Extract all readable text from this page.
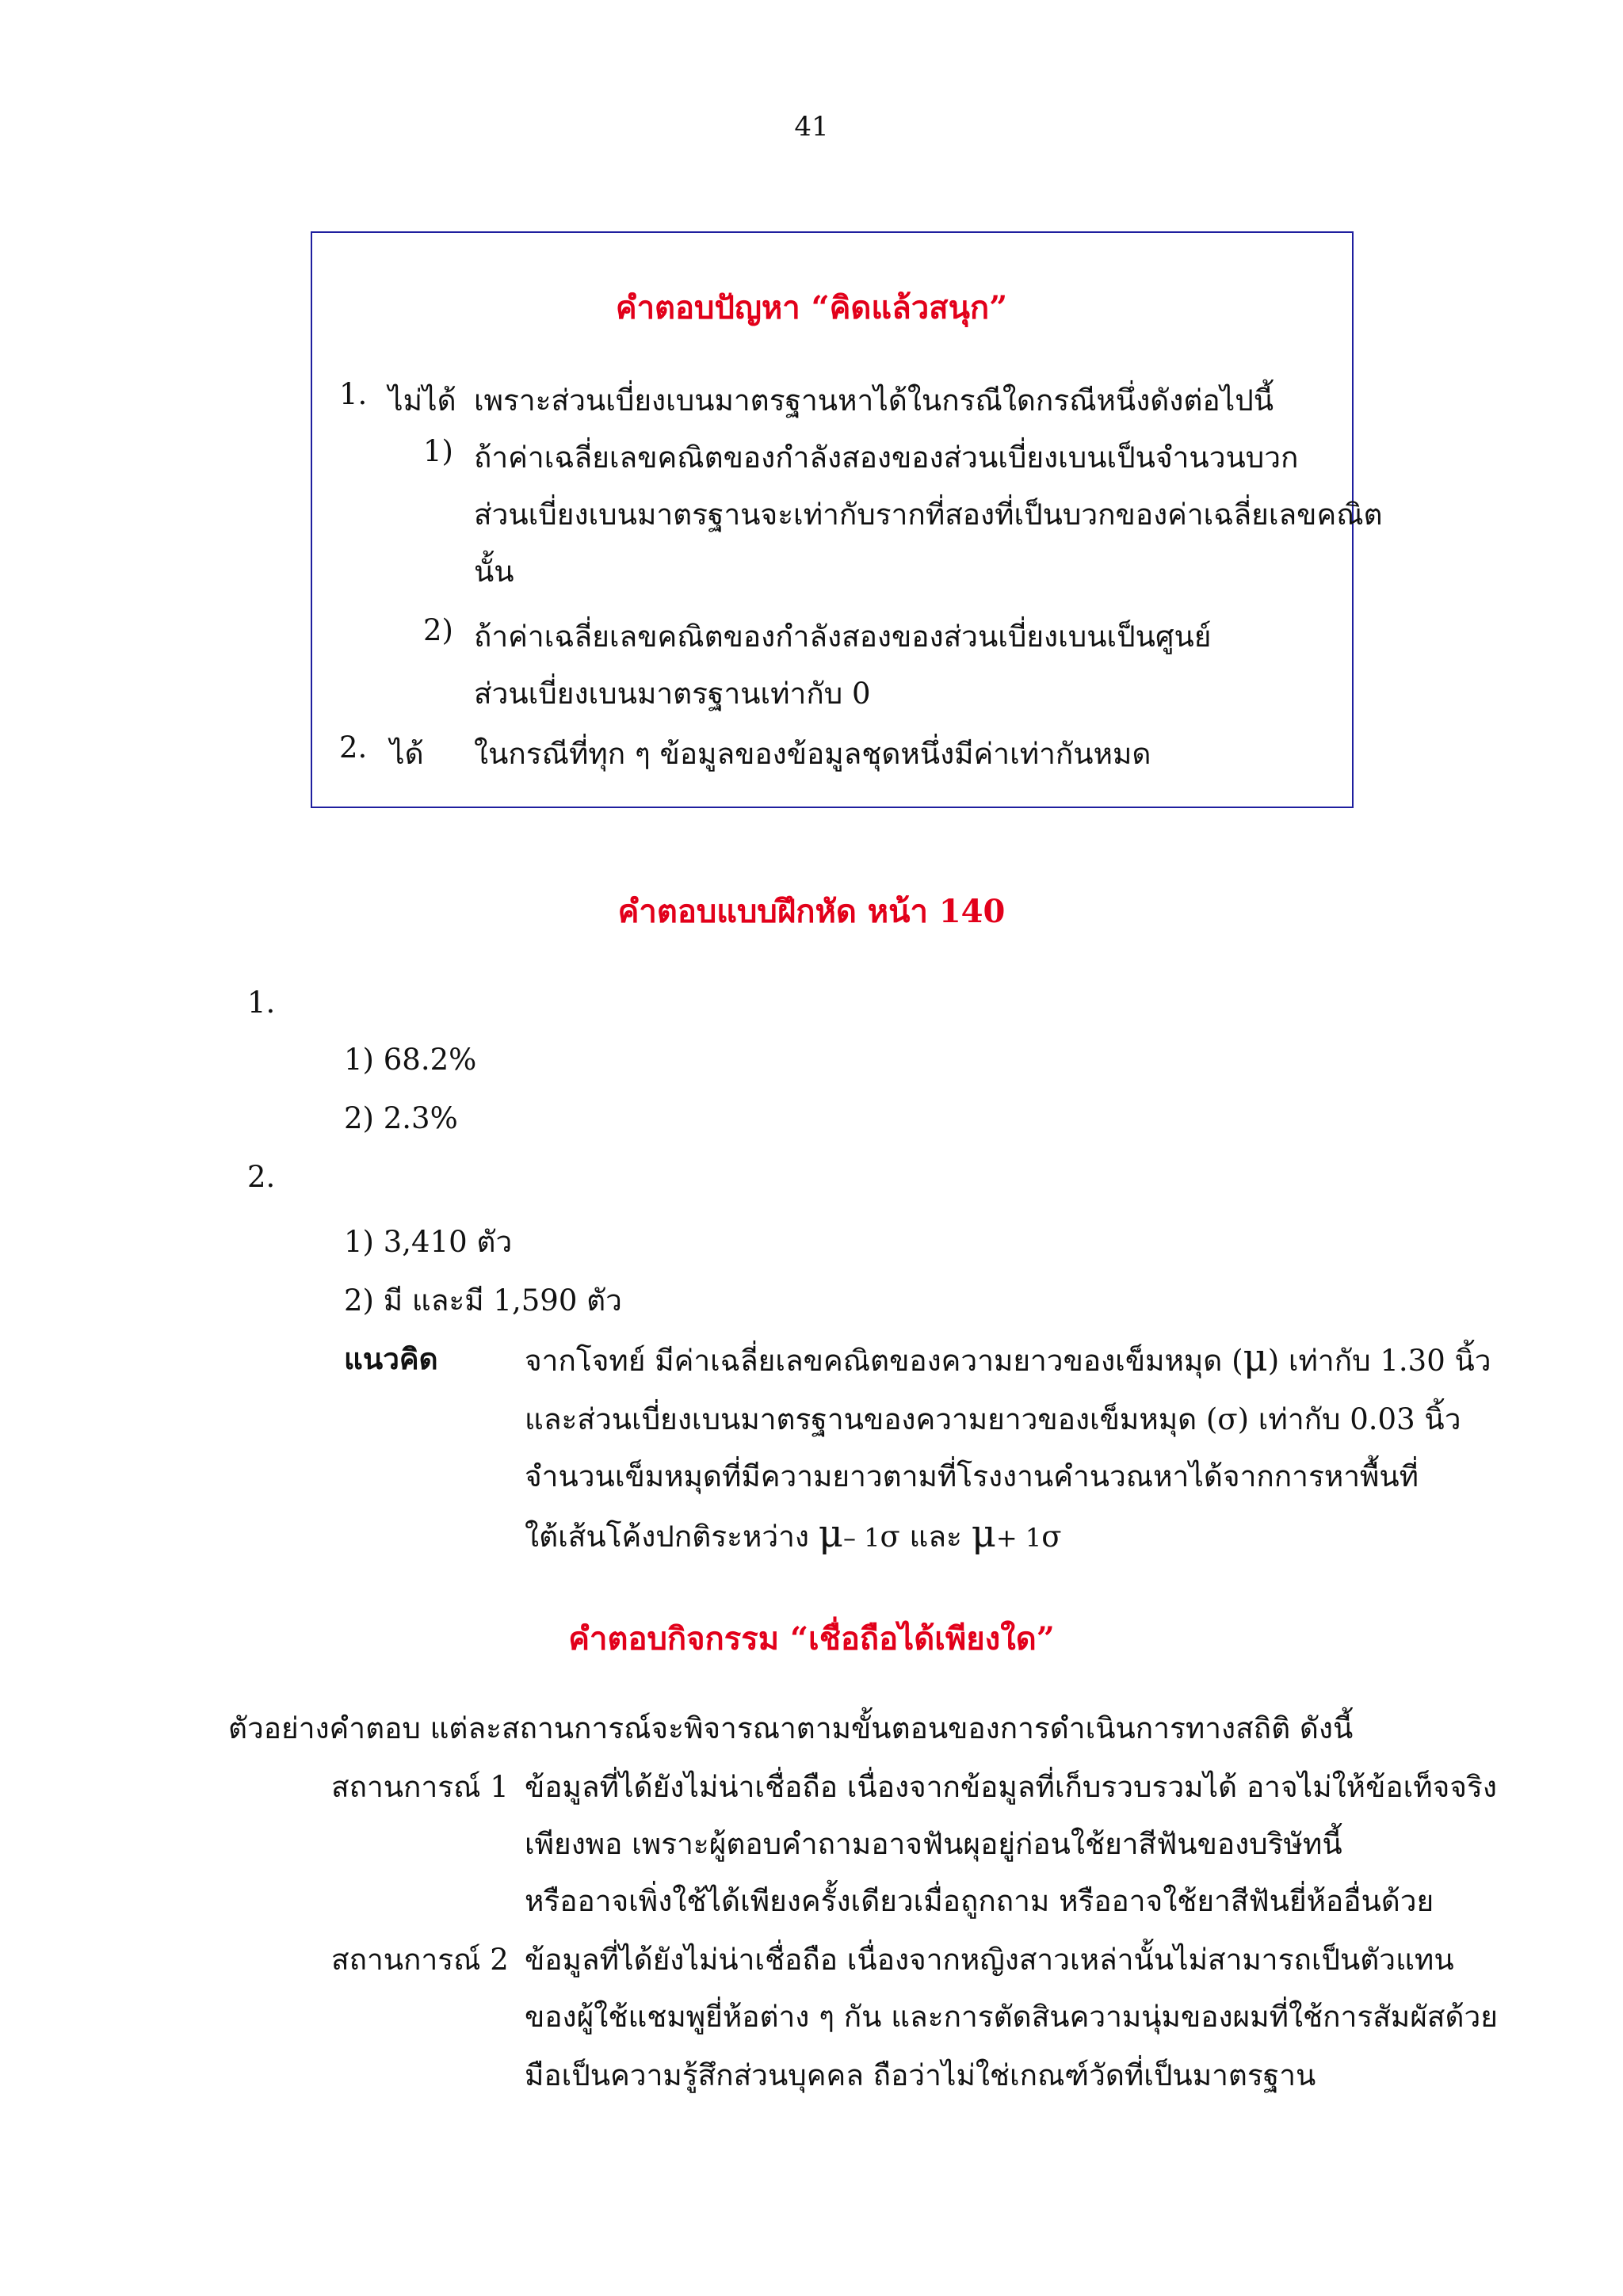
41
คำตอบปัญหา “คิดแล้วสนุก”
1. ไม่ได้ เพราะส่วนเบี่ยงเบนมาตรฐานหาได้ในกรณีใดกรณีหนึ่งดังต่อไปนี้
1) ถ้าค่าเฉลี่ยเลขคณิตของกำลังสองของส่วนเบี่ยงเบนเป็นจำนวนบวก
ส่วนเบี่ยงเบนมาตรฐานจะเท่ากับรากที่สองที่เป็นบวกของค่าเฉลี่ยเลขคณิต
นั้น
2) ถ้าค่าเฉลี่ยเลขคณิตของกำลังสองของส่วนเบี่ยงเบนเป็นศูนย์
ส่วนเบี่ยงเบนมาตรฐานเท่ากับ 0
2. ได้ ในกรณีที่ทุก ๆ ข้อมูลของข้อมูลชุดหนึ่งมีค่าเท่ากันหมด
คำตอบแบบฝึกหัด หน้า 140
1.
1) 68.2%
2) 2.3%
2.
1) 3,410 ตัว
2) มี และมี 1,590 ตัว
แนวคิด	จากโจทย์ มีค่าเฉลี่ยเลขคณิตของความยาวของเข็มหมุด (μ) เท่ากับ 1.30 นิ้ว
และส่วนเบี่ยงเบนมาตรฐานของความยาวของเข็มหมุด (σ) เท่ากับ 0.03 นิ้ว
จำนวนเข็มหมุดที่มีความยาวตามที่โรงงานคำนวณหาได้จากการหาพื้นที่
ใต้เส้นโค้งปกติระหว่าง μ– 1σ และ μ+ 1σ
คำตอบกิจกรรม “เชื่อถือได้เพียงใด”
ตัวอย่างคำตอบ แต่ละสถานการณ์จะพิจารณาตามขั้นตอนของการดำเนินการทางสถิติ ดังนี้
สถานการณ์ 1 ข้อมูลที่ได้ยังไม่น่าเชื่อถือ เนื่องจากข้อมูลที่เก็บรวบรวมได้ อาจไม่ให้ข้อเท็จจริง
เพียงพอ เพราะผู้ตอบคำถามอาจฟันผุอยู่ก่อนใช้ยาสีฟันของบริษัทนี้
หรืออาจเพิ่งใช้ได้เพียงครั้งเดียวเมื่อถูกถาม หรืออาจใช้ยาสีฟันยี่ห้ออื่นด้วย
สถานการณ์ 2 ข้อมูลที่ได้ยังไม่น่าเชื่อถือ เนื่องจากหญิงสาวเหล่านั้นไม่สามารถเป็นตัวแทน
ของผู้ใช้แชมพูยี่ห้อต่าง ๆ กัน และการตัดสินความนุ่มของผมที่ใช้การสัมผัสด้วย
มือเป็นความรู้สึกส่วนบุคคล ถือว่าไม่ใช่เกณฑ์วัดที่เป็นมาตรฐาน
